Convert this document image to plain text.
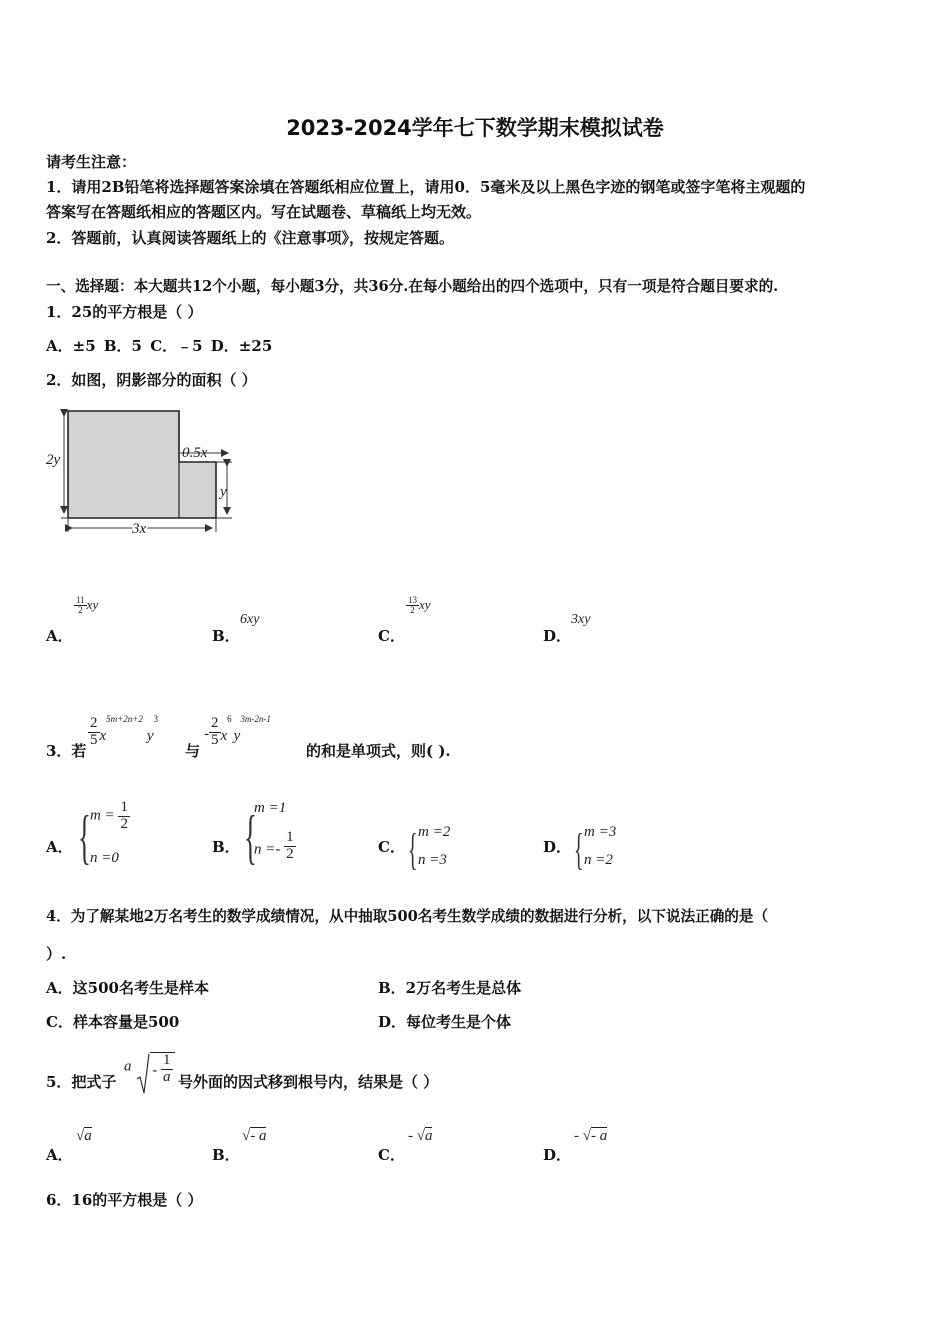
2023-2024学年七下数学期末模拟试卷
请考生注意：
1．请用2B铅笔将选择题答案涂填在答题纸相应位置上，请用0．5毫米及以上黑色字迹的钢笔或签字笔将主观题的
答案写在答题纸相应的答题区内。写在试题卷、草稿纸上均无效。
2．答题前，认真阅读答题纸上的《注意事项》，按规定答题。
一、选择题：本大题共12个小题，每小题3分，共36分.在每小题给出的四个选项中，只有一项是符合题目要求的.
1．25的平方根是（ ）
A．±5 B．5 C．﹣5 D．±25
2．如图，阴影部分的面积（ ）
2y	0.5x
y
3x
A．
$\frac{11}{2}$ xy
B．
6xy
C．
$\frac{13}{2}$ xy
D．
3xy
3．若
$\frac{2}{5} x^{5m+2n+2}y^3$
与
- $\frac{2}{5} x^6y^{3m-2n-1}$
的和是单项式，则( ).
A． { $m = \frac{1}{2}$
n =0
B． {
m =1
$n =- \frac{1}{2}$	C． { m =2
n =3
D． { m =3
n =2
4．为了解某地2万名考生的数学成绩情况，从中抽取500名考生数学成绩的数据进行分析，以下说法正确的是（
）.
A．这500名考生是样本	B．2万名考生是总体
C．样本容量是500	D．每位考生是个体
5．把式子
a - $\frac{1}{a}$ 号外面的因式移到根号内，结果是（ ）
A．
√a
B．
√- a
C．
- √a
D．
- √- a
6．16的平方根是（ ）
